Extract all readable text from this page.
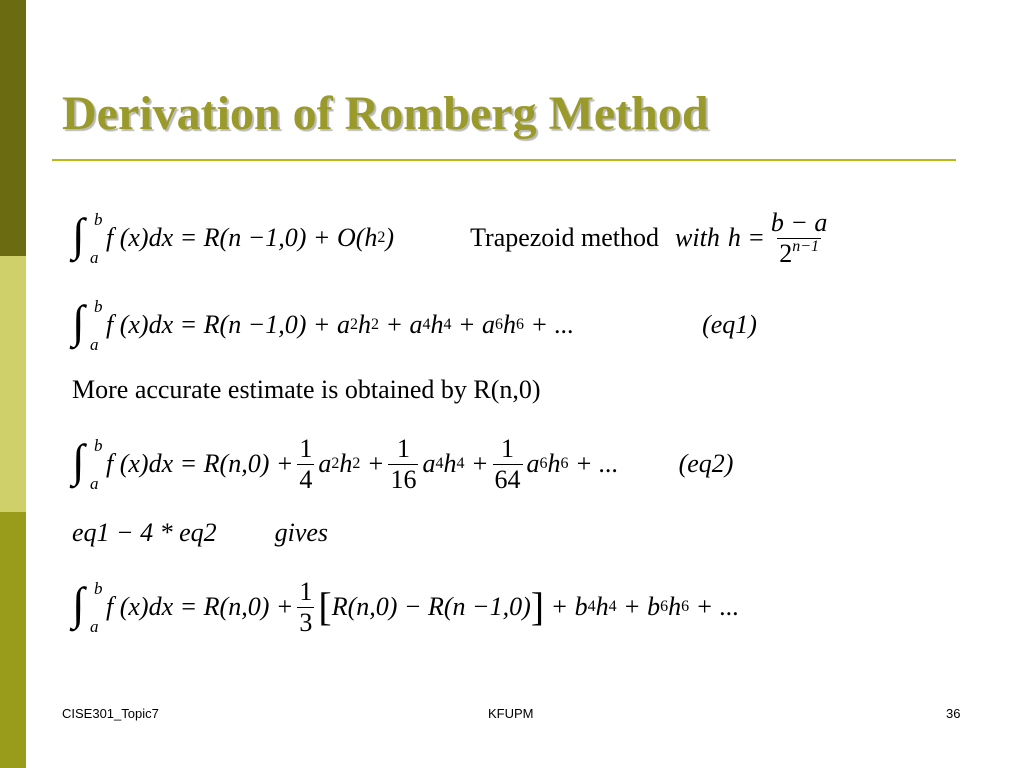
Derivation of Romberg Method
∫ b
a
f (x)dx = R(n −1,0) + O(h 2 )	Trapezoid method with $h = \frac{b - a}{2^{n-1}}$
∫ b
a
f (x)dx = R(n −1,0) + a 2 h 2 + a 4 h 4 + a 6 h 6 + ...	(eq1)
More accurate estimate is obtained by R(n,0)
∫ b
a
f $(x)dx = R(n,0) + \frac{1}{4}$ a 2 h $2 + \frac{1}{16}$ a 4 h $4 + \frac{1}{64}$ a 6 h 6
+ ... (eq2)
eq1 − 4 * eq2 gives
∫ b
a
f $(x)dx = R(n,0) + \frac{1}{3}$ [ R(n,0) − R(n −1,0) ] + b 4 h 4 + b 6 h 6
+ ...
CISE301_Topic7	KFUPM	36
